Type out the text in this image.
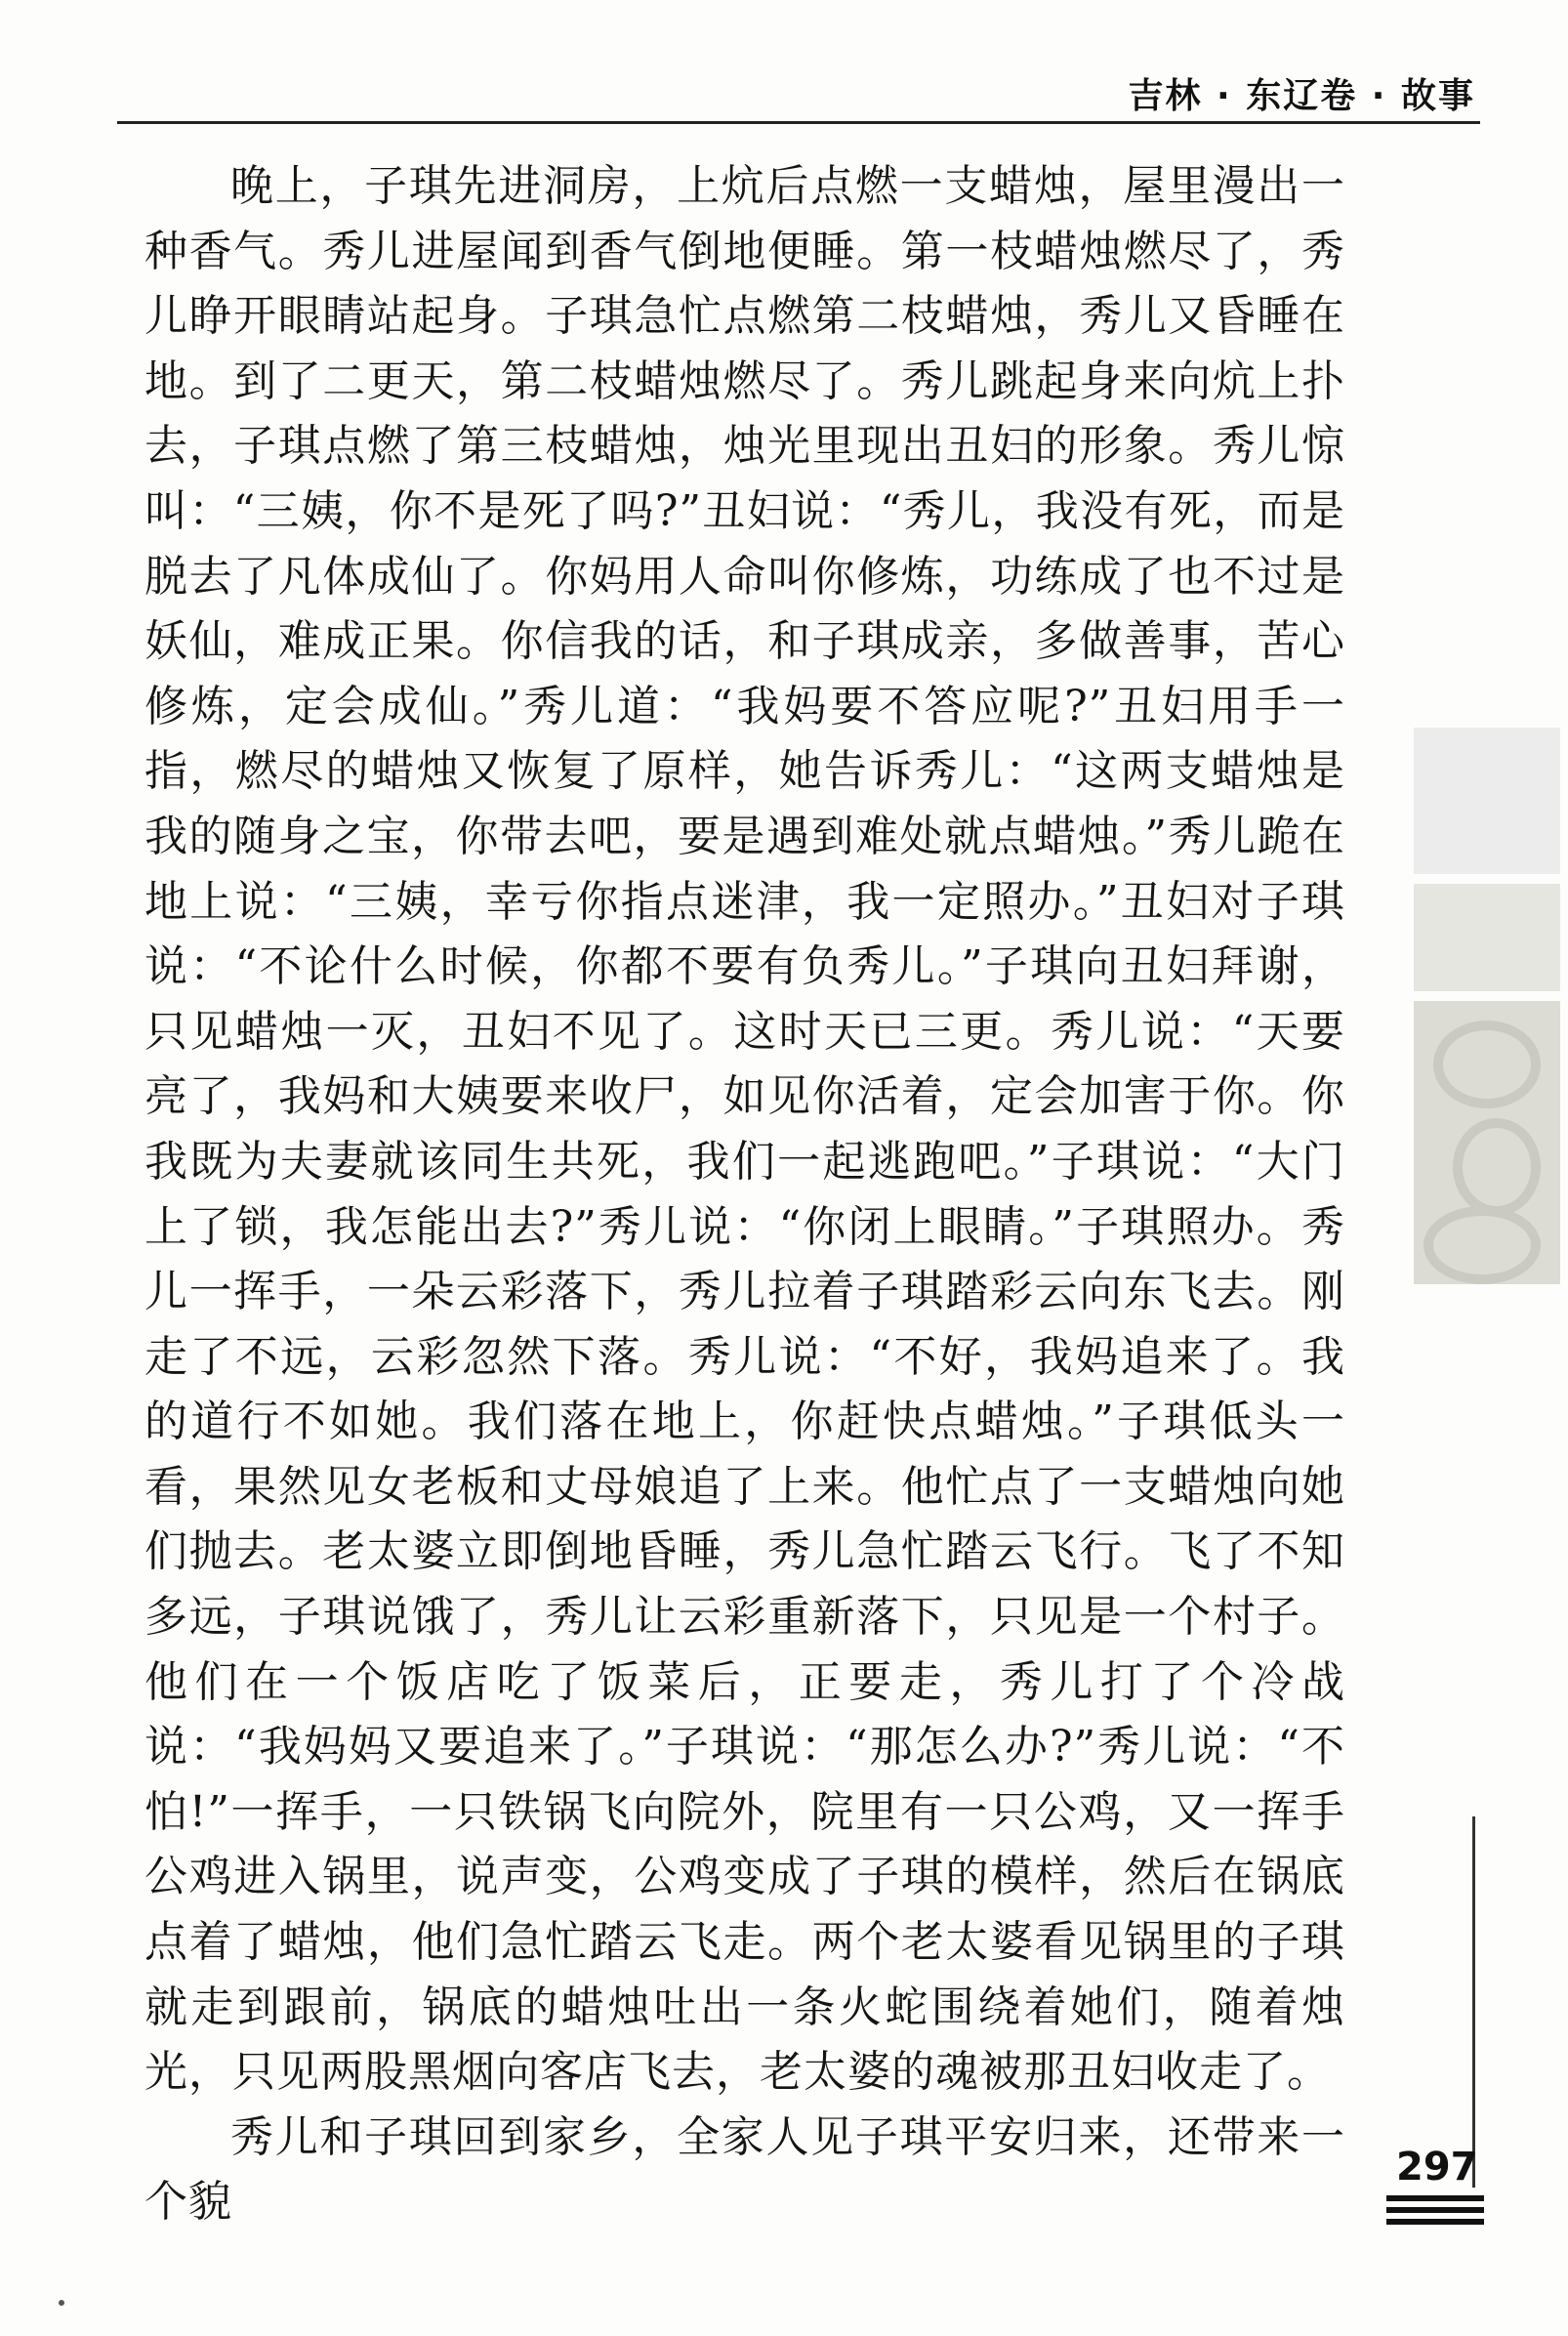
吉林 · 东辽卷 · 故事

晚上，子琪先进洞房，上炕后点燃一支蜡烛，屋里漫出一种香气。秀儿进屋闻到香气倒地便睡。第一枝蜡烛燃尽了，秀儿睁开眼睛站起身。子琪急忙点燃第二枝蜡烛，秀儿又昏睡在地。到了二更天，第二枝蜡烛燃尽了。秀儿跳起身来向炕上扑去，子琪点燃了第三枝蜡烛，烛光里现出丑妇的形象。秀儿惊叫：“三姨，你不是死了吗?”丑妇说：“秀儿，我没有死，而是脱去了凡体成仙了。你妈用人命叫你修炼，功练成了也不过是妖仙，难成正果。你信我的话，和子琪成亲，多做善事，苦心修炼，定会成仙。”秀儿道：“我妈要不答应呢?”丑妇用手一指，燃尽的蜡烛又恢复了原样，她告诉秀儿：“这两支蜡烛是我的随身之宝，你带去吧，要是遇到难处就点蜡烛。”秀儿跪在地上说：“三姨，幸亏你指点迷津，我一定照办。”丑妇对子琪说：“不论什么时候，你都不要有负秀儿。”子琪向丑妇拜谢，只见蜡烛一灭，丑妇不见了。这时天已三更。秀儿说：“天要亮了，我妈和大姨要来收尸，如见你活着，定会加害于你。你我既为夫妻就该同生共死，我们一起逃跑吧。”子琪说：“大门上了锁，我怎能出去?”秀儿说：“你闭上眼睛。”子琪照办。秀儿一挥手，一朵云彩落下，秀儿拉着子琪踏彩云向东飞去。刚走了不远，云彩忽然下落。秀儿说：“不好，我妈追来了。我的道行不如她。我们落在地上，你赶快点蜡烛。”子琪低头一看，果然见女老板和丈母娘追了上来。他忙点了一支蜡烛向她们抛去。老太婆立即倒地昏睡，秀儿急忙踏云飞行。飞了不知多远，子琪说饿了，秀儿让云彩重新落下，只见是一个村子。他们在一个饭店吃了饭菜后，正要走，秀儿打了个冷战说：“我妈妈又要追来了。”子琪说：“那怎么办?”秀儿说：“不怕!”一挥手，一只铁锅飞向院外，院里有一只公鸡，又一挥手公鸡进入锅里，说声变，公鸡变成了子琪的模样，然后在锅底点着了蜡烛，他们急忙踏云飞走。两个老太婆看见锅里的子琪就走到跟前，锅底的蜡烛吐出一条火蛇围绕着她们，随着烛光，只见两股黑烟向客店飞去，老太婆的魂被那丑妇收走了。

秀儿和子琪回到家乡，全家人见子琪平安归来，还带来一个貌

297
